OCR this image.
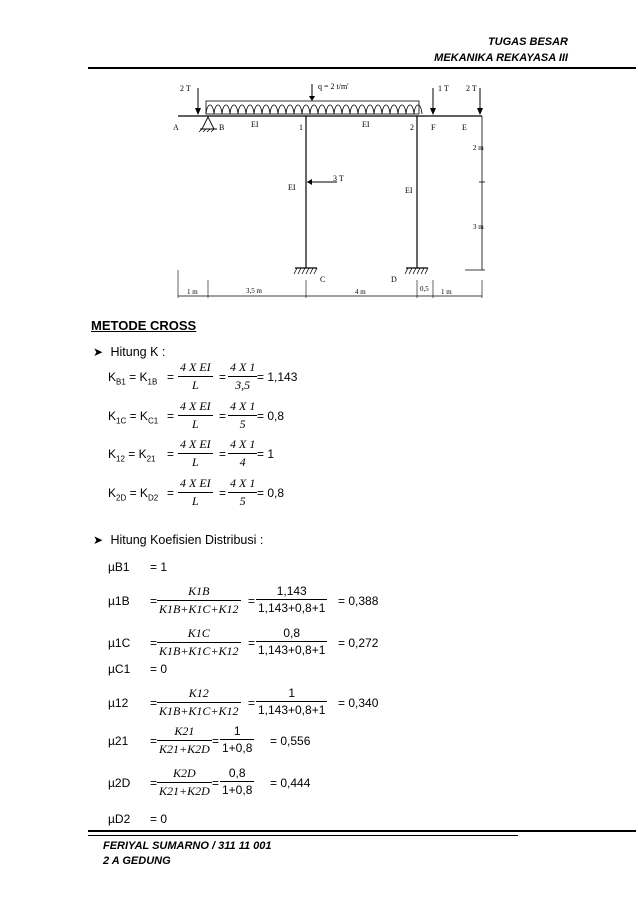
TUGAS BESAR
MEKANIKA REKAYASA III
2 T	q = 2 t/m'
A	B	EI	1	EI	2 F	E
1 T 2 T
EI	EI
3 T
C	D
2 m
3 m
1 m	3,5 m	4 m	0,5 1 m
METODE CROSS
➤ Hitung K :
$K_{B1} = K_{1B} = \frac{\text{4 X EI}}{L} = \frac{4 X 1}{3,5} = 1,143$
$K_{1C} = K_{C1} = \frac{\text{4 X EI}}{L} = \frac{4 X 1}{5} = 0,8$
$K_{12} = K_{21} = \frac{\text{4 X EI}}{L} = \frac{4 X 1}{4} = 1$
$K_{2D} = K_{D2} = \frac{\text{4 X EI}}{L} = \frac{4 X 1}{5} = 0,8$
➤ Hitung Koefisien Distribusi :
µB1 = 1
$\mu 1B = \frac{K1B}{K1B+K1C+K12} = \frac{1,143}{1,143+0,8+1} = 0,388$
$\mu 1C = \frac{K1C}{K1B+K1C+K12} = \frac{0,8}{1,143+0,8+1} = 0,272$
$\mu 12 = \frac{K12}{K1B+K1C+K12} = \frac{1}{1,143+0,8+1} = 0,340$
$\mu 21 = \frac{K21}{K21+K2D} = \frac{1}{1+0,8} = 0,556$
$\mu 2D = \frac{K2D}{K21+K2D} = \frac{0,8}{1+0,8} = 0,444$
µC1 = 0
µD2 = 0
FERIYAL SUMARNO / 311 11 001
2 A GEDUNG
